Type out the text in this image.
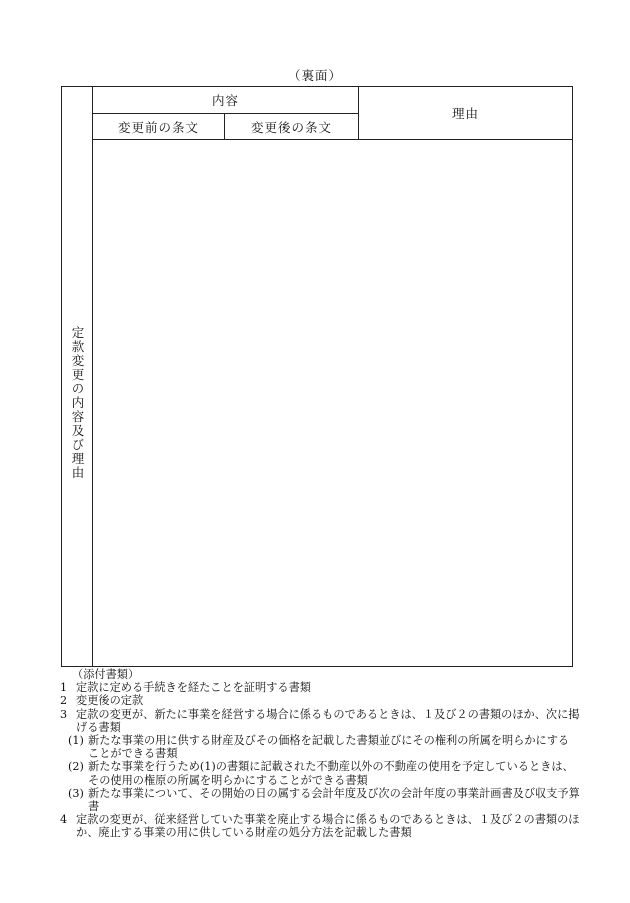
（裏面）
定款変更の内容及び理由
内容
変更前の条文	変更後の条文
理由
（添付書類）
1 定款に定める手続きを経たことを証明する書類
2 変更後の定款
3 定款の変更が、新たに事業を経営する場合に係るものであるときは、１及び２の書類のほか、次に掲げる書類
(1) 新たな事業の用に供する財産及びその価格を記載した書類並びにその権利の所属を明らかにすることができる書類
(2) 新たな事業を行うため(1)の書類に記載された不動産以外の不動産の使用を予定しているときは、その使用の権原の所属を明らかにすることができる書類
(3) 新たな事業について、その開始の日の属する会計年度及び次の会計年度の事業計画書及び収支予算書
4 定款の変更が、従来経営していた事業を廃止する場合に係るものであるときは、１及び２の書類のほか、廃止する事業の用に供している財産の処分方法を記載した書類
